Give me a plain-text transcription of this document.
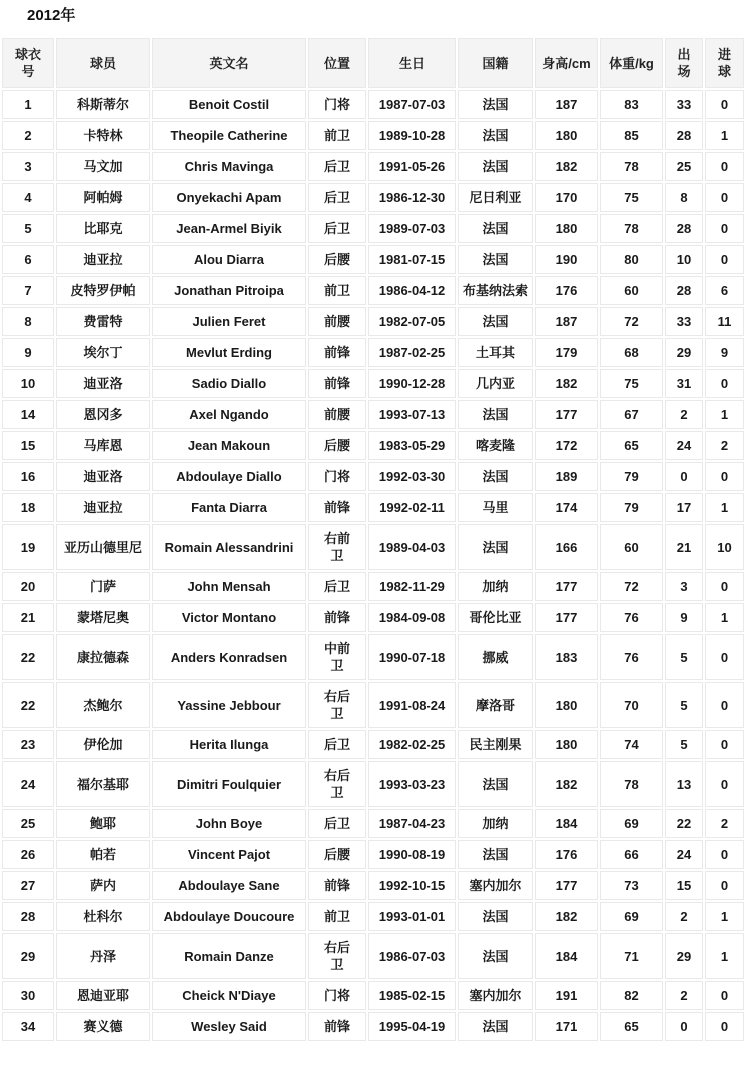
2012年
球衣号	球员	英文名	位置	生日	国籍	身高/cm	体重/kg	出场	进球
1	科斯蒂尔	Benoit Costil	门将	1987-07-03	法国	187	83	33	0
2	卡特林	Theopile Catherine	前卫	1989-10-28	法国	180	85	28	1
3	马文加	Chris Mavinga	后卫	1991-05-26	法国	182	78	25	0
4	阿帕姆	Onyekachi Apam	后卫	1986-12-30	尼日利亚	170	75	8	0
5	比耶克	Jean-Armel Biyik	后卫	1989-07-03	法国	180	78	28	0
6	迪亚拉	Alou Diarra	后腰	1981-07-15	法国	190	80	10	0
7	皮特罗伊帕	Jonathan Pitroipa	前卫	1986-04-12	布基纳法索	176	60	28	6
8	费雷特	Julien Feret	前腰	1982-07-05	法国	187	72	33	11
9	埃尔丁	Mevlut Erding	前锋	1987-02-25	土耳其	179	68	29	9
10	迪亚洛	Sadio Diallo	前锋	1990-12-28	几内亚	182	75	31	0
14	恩冈多	Axel Ngando	前腰	1993-07-13	法国	177	67	2	1
15	马库恩	Jean Makoun	后腰	1983-05-29	喀麦隆	172	65	24	2
16	迪亚洛	Abdoulaye Diallo	门将	1992-03-30	法国	189	79	0	0
18	迪亚拉	Fanta Diarra	前锋	1992-02-11	马里	174	79	17	1
19	亚历山德里尼	Romain Alessandrini	右前卫	1989-04-03	法国	166	60	21	10
20	门萨	John Mensah	后卫	1982-11-29	加纳	177	72	3	0
21	蒙塔尼奥	Victor Montano	前锋	1984-09-08	哥伦比亚	177	76	9	1
22	康拉德森	Anders Konradsen	中前卫	1990-07-18	挪威	183	76	5	0
22	杰鲍尔	Yassine Jebbour	右后卫	1991-08-24	摩洛哥	180	70	5	0
23	伊伦加	Herita Ilunga	后卫	1982-02-25	民主刚果	180	74	5	0
24	福尔基耶	Dimitri Foulquier	右后卫	1993-03-23	法国	182	78	13	0
25	鲍耶	John Boye	后卫	1987-04-23	加纳	184	69	22	2
26	帕若	Vincent Pajot	后腰	1990-08-19	法国	176	66	24	0
27	萨内	Abdoulaye Sane	前锋	1992-10-15	塞内加尔	177	73	15	0
28	杜科尔	Abdoulaye Doucoure	前卫	1993-01-01	法国	182	69	2	1
29	丹泽	Romain Danze	右后卫	1986-07-03	法国	184	71	29	1
30	恩迪亚耶	Cheick N'Diaye	门将	1985-02-15	塞内加尔	191	82	2	0
34	赛义德	Wesley Said	前锋	1995-04-19	法国	171	65	0	0
